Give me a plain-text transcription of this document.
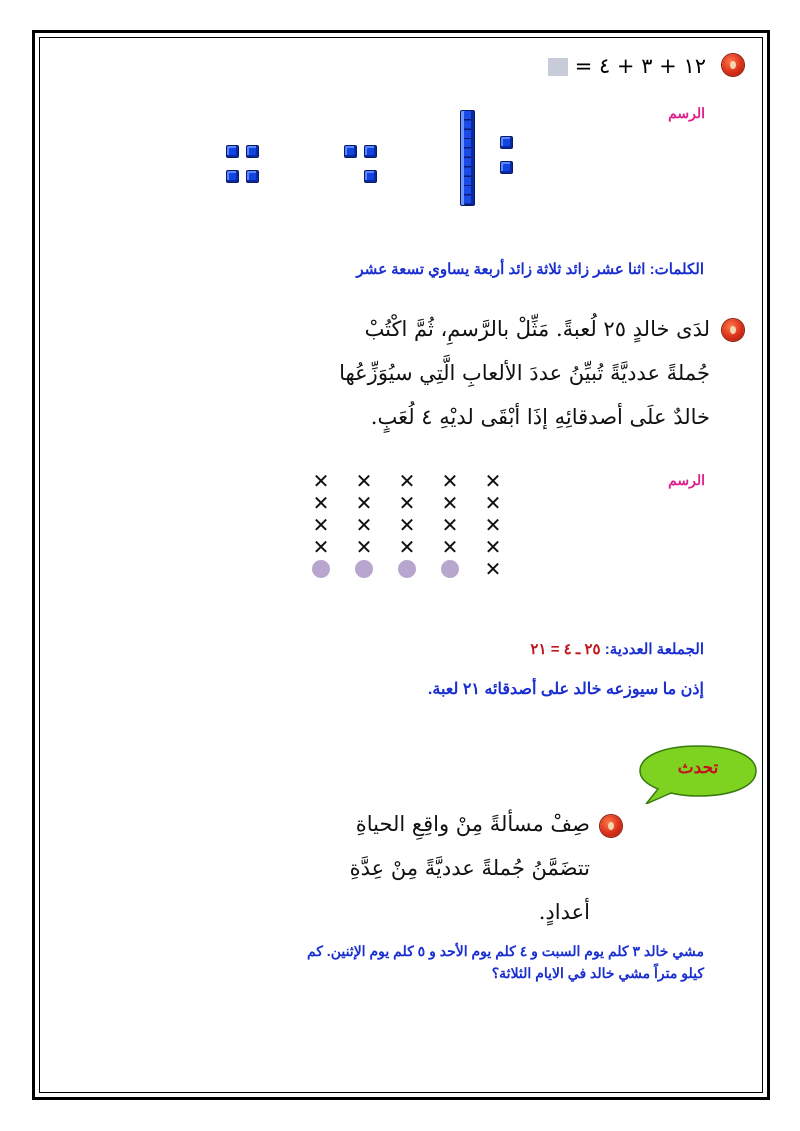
١٢ + ٣ + ٤ =
الرسم
الكلمات: اثنا عشر زائد ثلاثة زائد أربعة يساوي تسعة عشر
لدَى خالدٍ ٢٥ لُعبةً. مَثِّلْ بالرَّسمِ، ثُمَّ اكْتُبْ
جُملةً عدديَّةً تُبيِّنُ عددَ الألعابِ الَّتِي سيُوَزِّعُها
خالدٌ علَى أصدقائِهِ إذَا أبْقَى لديْهِ ٤ لُعَبٍ.
الرسم
✕ ✕ ✕ ✕ ✕
✕ ✕ ✕ ✕ ✕
✕ ✕ ✕ ✕ ✕
✕ ✕ ✕ ✕ ✕
✕
الجملعة العددية: ٢٥ ـ ٤ = ٢١
إذن ما سيوزعه خالد على أصدقائه ٢١ لعبة.
تحدث
صِفْ مسألةً مِنْ واقِعِ الحياةِ
تتضَمَّنُ جُملةً عدديَّةً مِنْ عِدَّةِ
أعدادٍ.
مشي خالد ٣ كلم يوم السبت و ٤ كلم يوم الأحد و ٥ كلم يوم الإثنين. كم
كيلو متراً مشي خالد في الايام الثلاثة؟
